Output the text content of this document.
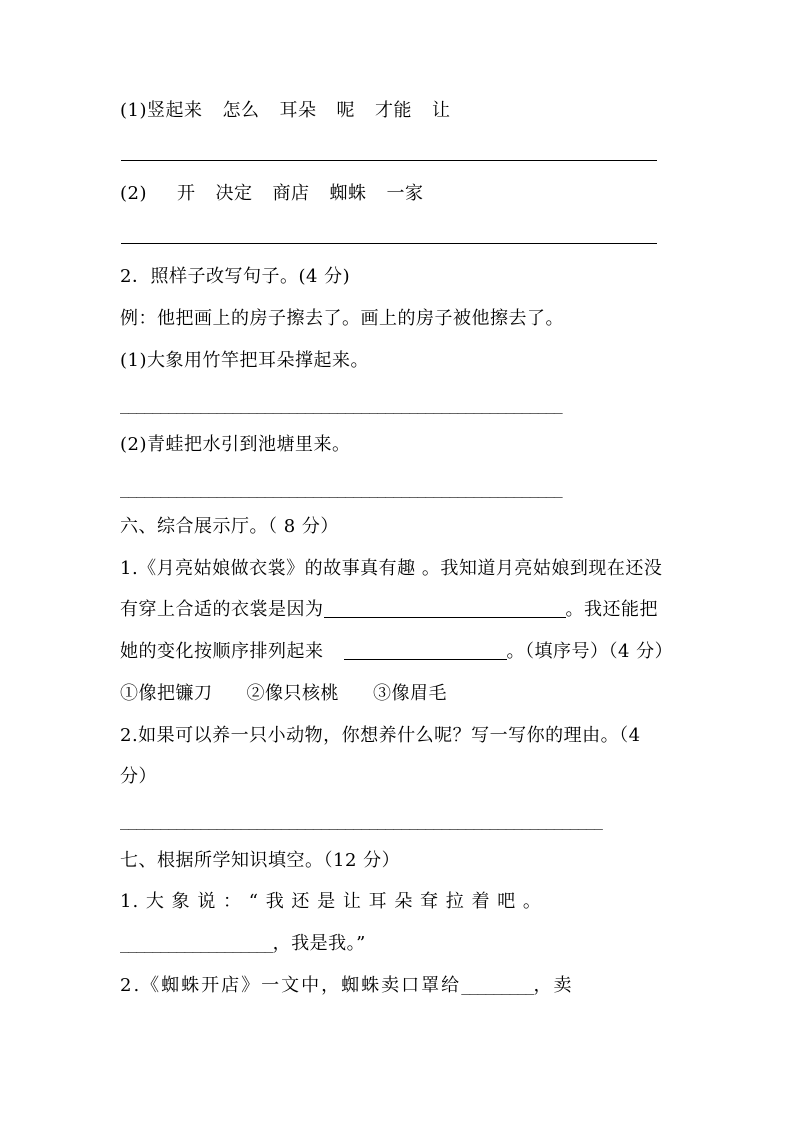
(1)竖起来 怎么 耳朵 呢 才能 让
(2) 开 决定 商店 蜘蛛 一家
2．照样子改写句子。(4 分)
例：他把画上的房子擦去了。画上的房子被他擦去了。
(1)大象用竹竿把耳朵撑起来。
_______________________________________________________
(2)青蛙把水引到池塘里来。
_______________________________________________________
六、综合展示厅。（ 8 分）
1.《月亮姑娘做衣裳》的故事真有趣 。我知道月亮姑娘到现在还没
有穿上合适的衣裳是因为	。我还能把
她的变化按顺序排列起来	。（填序号）（4 分）
①像把镰刀 ②像只核桃 ③像眉毛
2.如果可以养一只小动物，你想养什么呢？写一写你的理由。（4
分）
____________________________________________________________
七、根据所学知识填空。（12 分）
1. 大 象 说 ： “ 我 还 是 让 耳 朵 耷 拉 着 吧 。
___________________，我是我。”
2.《蜘蛛开店》一文中，蜘蛛卖口罩给_________，卖
